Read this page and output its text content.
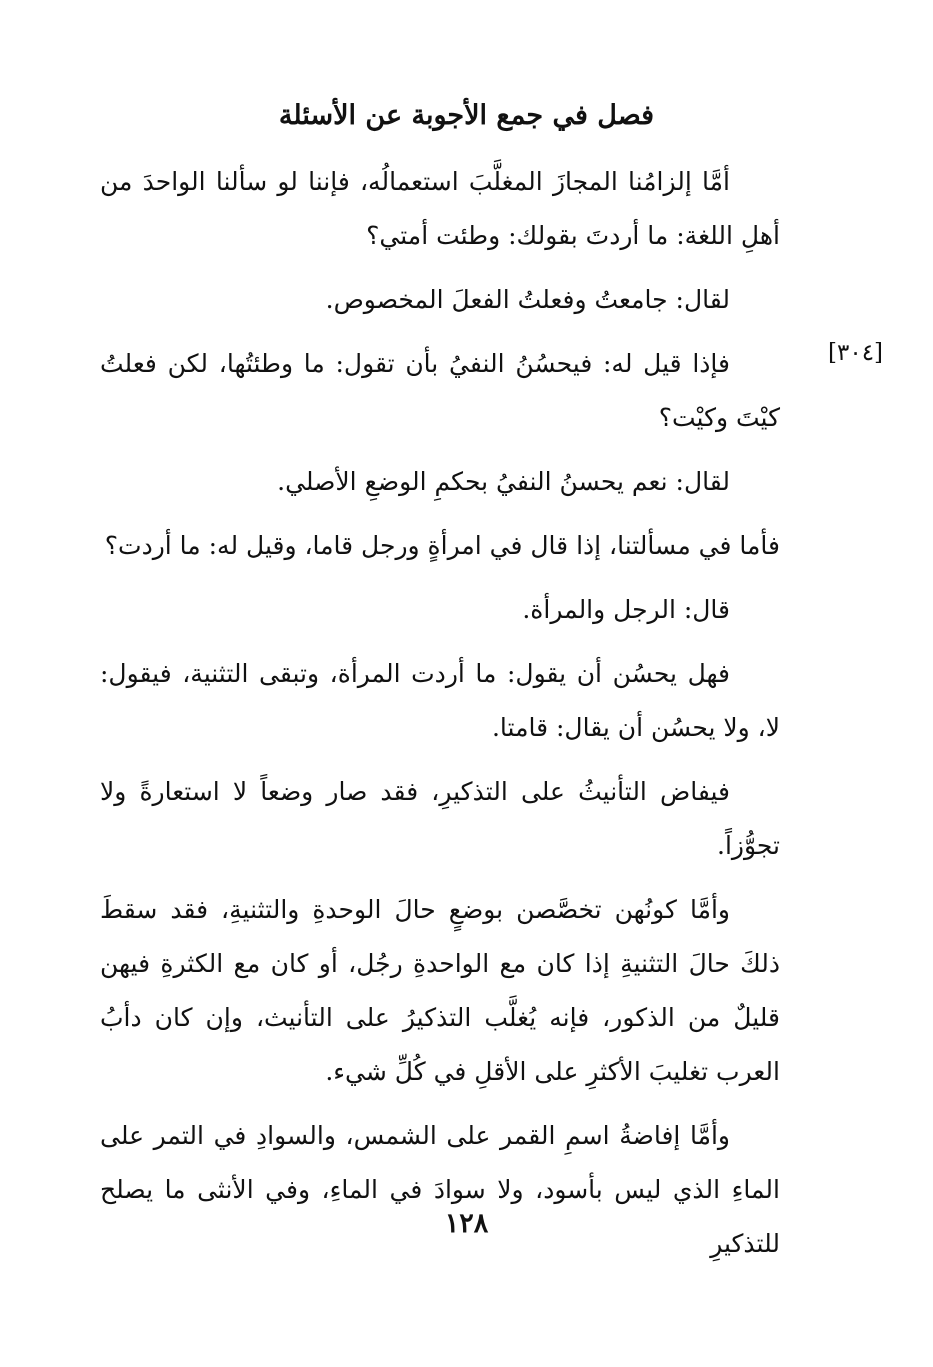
فصل في جمع الأجوبة عن الأسئلة
[٣٠٤]

أمَّا إلزامُنا المجازَ المغلَّبَ استعمالُه، فإننا لو سألنا الواحدَ من أهلِ اللغة: ما أردتَ بقولك: وطئت أمتي؟

لقال: جامعتُ وفعلتُ الفعلَ المخصوص.

فإذا قيل له: فيحسُنُ النفيُ بأن تقول: ما وطئتُها، لكن فعلتُ كيْتَ وكيْت؟

لقال: نعم يحسنُ النفيُ بحكمِ الوضعِ الأصلي.

فأما في مسألتنا، إذا قال في امرأةٍ ورجل قاما، وقيل له: ما أردت؟

قال: الرجل والمرأة.

فهل يحسُن أن يقول: ما أردت المرأة، وتبقى التثنية، فيقول: لا، ولا يحسُن أن يقال: قامتا.

فيفاض التأنيثُ على التذكيرِ، فقد صار وضعاً لا استعارةً ولا تجوُّزاً.

وأمَّا كونُهن تخصَّصن بوضعٍ حالَ الوحدةِ والتثنيةِ، فقد سقطَ ذلكَ حالَ التثنيةِ إذا كان مع الواحدةِ رجُل، أو كان مع الكثرةِ فيهن قليلٌ من الذكور، فإنه يُغلَّب التذكيرُ على التأنيث، وإن كان دأبُ العرب تغليبَ الأكثرِ على الأقلِ في كُلِّ شيء.

وأمَّا إفاضةُ اسمِ القمر على الشمس، والسوادِ في التمر على الماءِ الذي ليس بأسود، ولا سوادَ في الماءِ، وفي الأنثى ما يصلح للتذكيرِ

١٢٨
